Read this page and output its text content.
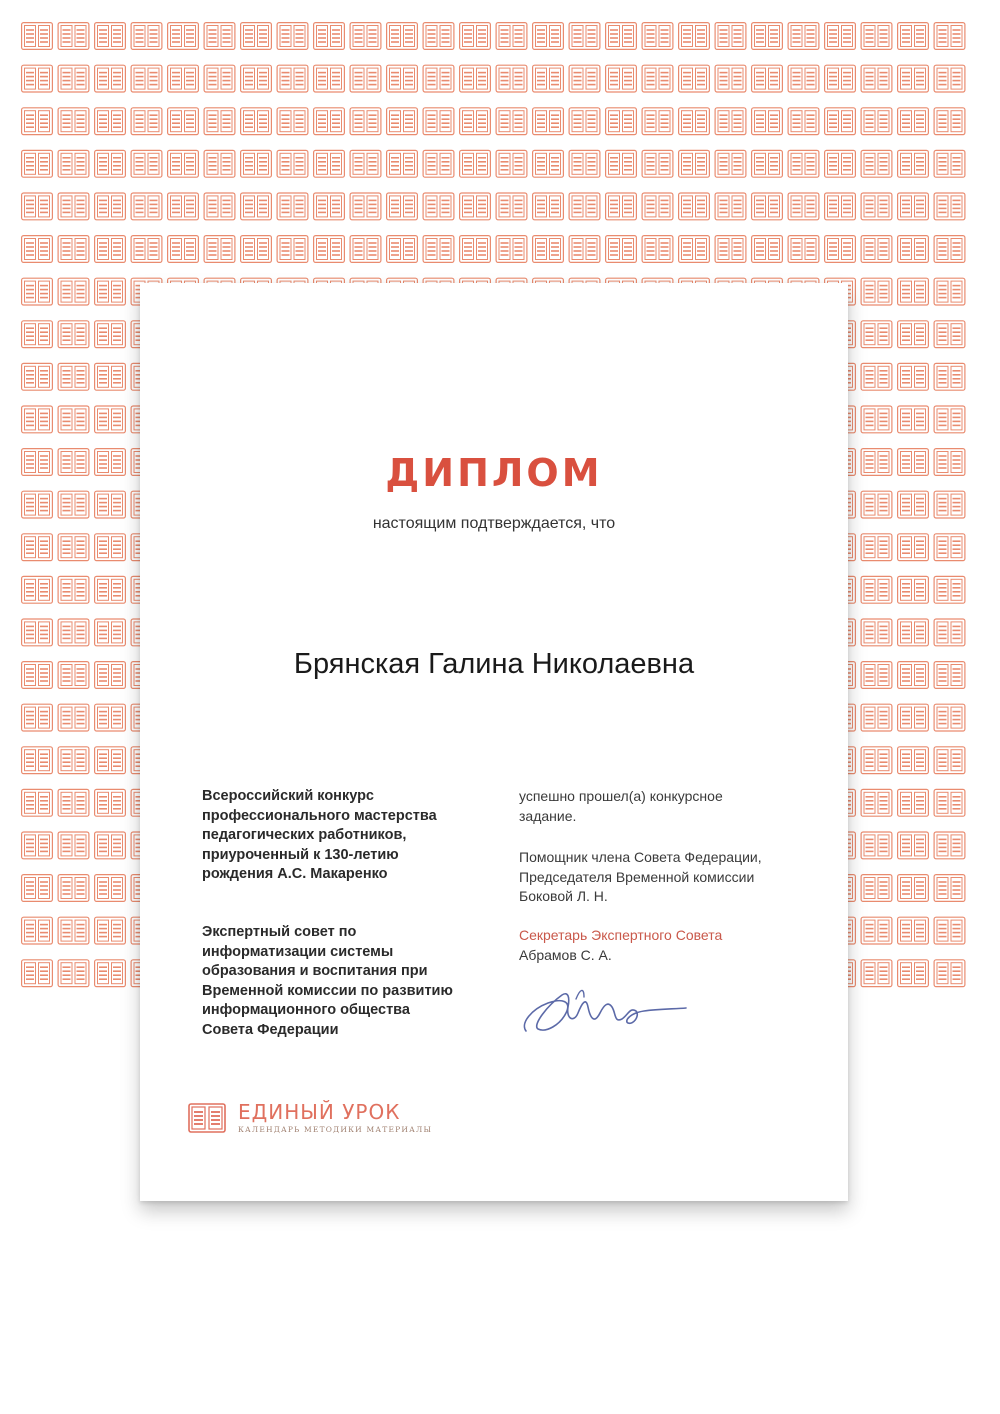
ДИПЛОМ
настоящим подтверждается, что
Брянская Галина Николаевна
Всероссийский конкурс
профессионального мастерства
педагогических работников,
приуроченный к 130-летию
рождения А.С. Макаренко
Экспертный совет по
информатизации системы
образования и воспитания при
Временной комиссии по развитию
информационного общества
Совета Федерации
успешно прошел(а) конкурсное
задание.
Помощник члена Совета Федерации,
Председателя Временной комиссии
Боковой Л. Н.
Секретарь Экспертного Совета
Абрамов С. А.
ЕДИНЫЙ УРОК
КАЛЕНДАРЬ МЕТОДИКИ МАТЕРИАЛЫ
